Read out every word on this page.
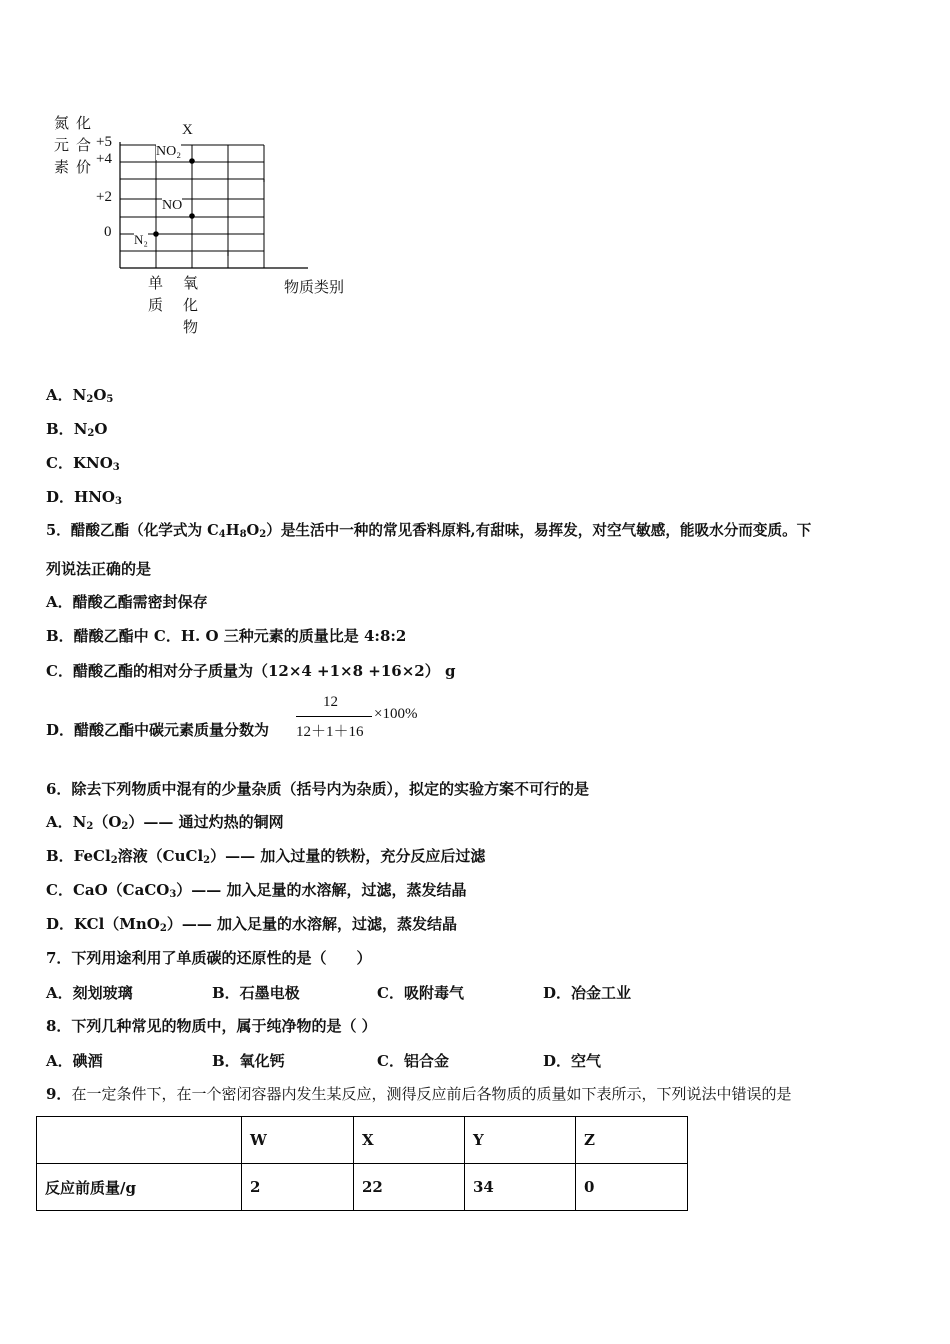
氮
元
素
化
合
价
+5
+4
+2
0
X
NO₂
NO
N₂
单
质
氧
化
物
物质类别
A．$N_2O_5$
B．$N_2O$
C．$KNO_3$
D．$HNO_3$
5．醋酸乙酯（化学式为 $C_4H_8O_2$）是生活中一种的常见香料原料,有甜味，易挥发，对空气敏感，能吸水分而变质。下
列说法正确的是
A．醋酸乙酯需密封保存
B．醋酸乙酯中 C．H. O 三种元素的质量比是 4:8:2
C．醋酸乙酯的相对分子质量为（12×4 +1×8 +16×2） g
D．醋酸乙酯中碳元素质量分数为
12
12＋1＋16
×100%
6．除去下列物质中混有的少量杂质（括号内为杂质），拟定的实验方案不可行的是
A．$N_2(O_2)——$ 通过灼热的铜网
B．FeCl$_2$溶液（CuCl$_2$）—— 加入过量的铁粉，充分反应后过滤
C．CaO（CaCO$_3$）—— 加入足量的水溶解，过滤，蒸发结晶
D．KCl（MnO$_2$）—— 加入足量的水溶解，过滤，蒸发结晶
7．下列用途利用了单质碳的还原性的是（　　）
A．刻划玻璃	B．石墨电极	C．吸附毒气	D．冶金工业
8．下列几种常见的物质中，属于纯净物的是（ ）
A．碘酒	B．氧化钙	C．铝合金	D．空气
9．在一定条件下，在一个密闭容器内发生某反应，测得反应前后各物质的质量如下表所示，下列说法中错误的是
	W	X	Y	Z
反应前质量/g	2	22	34	0
